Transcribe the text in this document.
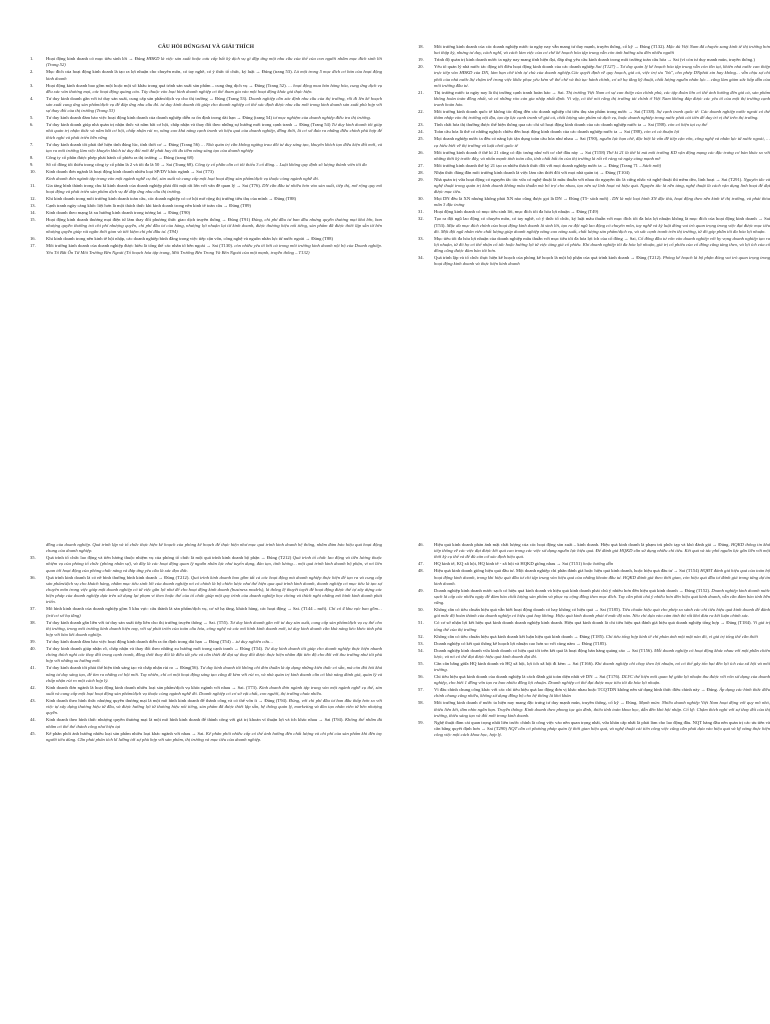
CÂU HỎI ĐÚNG/SAI VÀ GIẢI THÍCH
1.	Hoạt động kinh doanh có mục tiêu sinh lời → Đúng HĐKD là việc sản xuất hoặc cưu cấp bất kỳ dịch vụ gì đặp ứng một nhu cầu của thể của con người nhằm mục đích sinh lời (Trang 52)
2.	Mục đích của hoạt động kinh doanh là tạo ra lợi nhuận cho chuyên môn, có tay nghề, có ý thức tổ chức, kỷ luật → Đúng (trang 53). Là một trong 5 mục đích cơ bản của hoạt động kinh doanh
3.	Hoạt động kinh doanh bao gồm một hoặc một số khâu trong quá trình sản xuất sản phẩm – cung ứng dịch vụ → Đúng (Trang 52). … hoạt động mua bán hàng hóa, cung ứng dịch vụ đều xác văn thương mại, các hoạt động quảng cáo. Tùy thuộc vào loại hình doanh nghiệp có thể tham gia vào một hoạt động khác giá thực hiện.
4.	Tư duy kinh doanh gắn với tư duy sản xuất, cung cấp sản phẩm/dịch vụ cho thị trường → Đúng (Trang 53). Doanh nghiệp cần xác định nhu cầu của thị trường, rồi đi lên kế hoạch sản xuất cung ứng sản phẩm/dịch vụ để đáp ứng nhu cầu đó. tư duy kinh doanh tốt giúp cho doanh nghiệp có thể xác định được nhu cầu mới trong kinh doanh sản xuất phù hợp với sự thay đổi của thị trường (Trang 53)
5.	Tư duy kinh doanh đảm bảo việc hoạt động kinh doanh của doanh nghiệp diễn ra ổn định trong dài hạn → Đúng (trang 54) tư mục nghiệm của doanh nghiệp điều tra thị trường.
6.	Tư duy kinh doanh giúp nhà quản trị nhận thức và nắm bắt cơ hội, chấp nhận và thay đổi theo những sự hướng mới trong cạnh tranh → Đúng (Trang 54) Tư duy kinh doanh tốt giúp nhà quản trị nhận thức và nắm bắt cơ hội, chấp nhận rủi ro, nâng cao khả năng cạnh tranh và hiệu quả của doanh nghiệp, đồng thời, là cơ sở đưa ra những điều chỉnh phù hợp để thích nghi và phát triển bền vững
7.	Tư duy kinh doanh tốt phải thể hiện tính đúng lúc, tính thời cơ → Đúng (Trang 56) … Nhà quản trị cần không ngừng trau dồi tư duy sáng tạo, khuyến khích tạo điều kiện đổi mới, và tạo ra môi trường làm việc khuyến khích tư duy đổi mới để phát huy tối đa tiềm năng sáng tạo của doanh nghiệp
8.	Công ty cổ phần được phép phát hành cổ phiếu ra thị trường → Đúng (trang 68)
9.	Số cổ đông tối thiểu trong công ty cổ phần là 2 và tối đa là 50 → Sai (Trang 68). Công ty cổ phần cần có tối thiểu 3 cổ đông… Luật không quy định số lượng thành viên tối đa
10.	Kinh doanh đơn ngành là hoạt động kinh doanh nhiều loại SP/DV khác ngành → Sai (T73)
Kinh doanh đơn ngành tập trung vào một ngành nghề cụ thể, sản xuất và cung cấp một loại hoạt động sản phẩm/dịch vụ thuộc cùng ngành nghề đó.
11.	Gia tăng hình thành trong chu kì kinh doanh của doanh nghiệp phải đối mặt rất lớn với vấn đề quan lý → Sai (T76). DN cần đầu tư nhiều hơn vào sản xuất, tiếp thị, mở rộng quy mô hoạt động và phát triển sản phẩm dịch vụ để đáp ứng nhu cầu thị trường.
12.	Khi kinh doanh trong môi trường kinh doanh toàn cầu, các doanh nghiệp có cơ hội mở rộng thị trường tiêu thụ của mình → Đúng (T88)
13.	Cạnh tranh ngày càng khốc liệt hơn là một thách thức khi kinh doanh trong nền kinh tế toàn cầu → Đúng (T89)
14.	Kinh doanh theo mạng là xu hướng kinh doanh trong tương lai → Đúng (T90)
15.	Hoạt động kinh doanh thương mại điện tử làm thay đổi phương thức giao dịch truyền thống → Đúng (T91) Đúng, chi phí đầu tư ban đầu nhưng quyền thương mại khá lớn, ban nhượng quyền thường trả chi phí nhượng quyền, chi phí đầu tư của hàng, nhượng lợi nhuận lại từ kinh doanh, được thương hiệu nổi tiếng, sản phẩm đã được thiết lập sẵn từ bên nhượng quyền giúp rút ngắn thời gian và tiết kiệm chi phí đầu tư. (T94)
16.	Khi kinh doanh trong nền kinh tế hội nhập, các doanh nghiệp bình đẳng trong việc tiếp cận vốn, công nghệ và nguồn nhân lực từ nước ngoài → Đúng (T88)
17.	Môi trường kinh doanh của doanh nghiệp được hiểu là tổng thể các nhân tố bên ngoài → Sai (T130). còn nhiều yếu tố bởi cả trong môi trường kinh doanh nội bộ của Doanh nghiệp. Yếu Tố Bắt Ốn Từ Môi Trường Bên Ngoài (Tổ hoạch hóa tập trung, Môi Trường Bên Trong Và Bên Ngoài của một mạnh, truyền thống – T132)
18.	Môi trường kinh doanh của các doanh nghiệp nước ta ngày nay vẫn mang tư duy mạnh, truyền thống, cổ kỹ → Đúng (T132). Mặc dù Việt Nam đã chuyển sang kinh tế thị trường hơn hai thập kỷ, nhưng tư duy, cách nghĩ, và cách làm việc của cơ chế kế hoạch hóa tập trung vẫn còn ảnh hưởng sâu đến nhiều người
19.	Trình độ quản trị kinh doanh nước ta ngày nay mang tính hiện đại, đáp ứng yêu cầu kinh doanh trong môi trường toàn cầu hóa → Sai (vì còn tư duy manh mún, truyền thống.)
20.	Yếu tố quản lý nhà nước tác động tới điều hoạt động kinh doanh của các doanh nghiệp Sai (T127) – Tư duy quản lý kế hoạch hóa tập trung vẫn còn tồn tại, khiến nhà nước can thiệp trực tiếp vào HĐKD của DN, làm hạn chế tính tự chủ của doanh nghiệp.Các quyết định về quy hoạch, giá cả, việc trợ ưu "bù", cho phép DNphải xin hay không… vẫn chịu sự chi phối của nhà nước.Sự chậm trễ trong việc khắc phục yếu kém về thể chế và thủ tục hành chính, cơ sở hạ tầng kỹ thuật, chất lượng nguồn nhân lực… cũng làm giảm sức hấp dẫn của môi trường đầu tư.
21.	Thị trường nước ta ngày nay là thị trường cạnh tranh hoàn hảo → Sai. Thị trường Việt Nam có sự can thiệp của chính phủ, các tập đoàn lớn có thể ảnh hưởng đến giá cả, sản phẩm không hoàn toàn đồng nhất, và có những rào cản gia nhập nhất định. Vì vậy, có thể nói rằng thị trường tài chính ở Việt Nam không đáp được các yêu tố của một thị trường cạnh tranh hoàn hảo.
22.	Môi trường kinh doanh quốc tế không tác động đến các doanh nghiệp chỉ tiêu thụ sản phẩm trong nước → Sai (T138). Sự cạnh tranh quốc tế: Các doanh nghiệp nước ngoài có thể thâm nhập vào thị trường nội địa, tạo áp lực cạnh tranh về giá cả, chất lượng sản phẩm và dịch vụ, buộc doanh nghiệp trong nước phải cải tiến để duy trì vị thế trên thị trường.
23.	Tính chất hóa thị thường được thể hiện thông qua các chỉ số hoạt động kinh doanh của các doanh nghiệp nước ta → Sai (T88). còn có hiện tại cụ thể
24.	Toàn cầu hóa là thế có những nghịch chiều đến hoạt động kinh doanh của các doanh nghiệp nước ta → Sai (T88), còn có cả thuận lợi
25.	Mọi doanh nghiệp nước ta đều có năng lực tận dụng toàn cầu hóa như nhau → Sai (T90), nguồn lực hạn chế, đặc biệt là vấn đề tiếp cận vốn, công nghệ và nhân lực từ nước ngoài, …cạ hiểu biết về thị trường và luật chơi quốc tế
26.	Môi trường kinh doanh ở thế kỉ 21 cũng có đặc trưng như với cơ chế đầu này → Sai (T158) Thế kỉ 21 là thế kỉ mà môi trường KD vận động mạng các đặc trưng cơ bản khác so với những thời kỳ trước đây, và nhấn mạnh tính toàn cầu, tính chất bất ổn của thị trường là rất rõ ràng và ngày càng mạnh mẽ
27.	Môi trường kinh doanh thế kỷ 21 tạo ra nhiều thách thức đối với mọi doanh nghiệp nước ta → Đúng (Trang 71 – Sách mới)
28.	Nhận thức đúng đắn môi trường kinh doanh là việc làm cần thiết đối với mọi nhà quản trị → Đúng (T104)
29.	Nhà quản trị vừa hoạt động có nguyên tắc tác vừa có nghệ thuật là mâu thuẫn với nhau do nguyên tắc là cứng nhắc và nghệ thuật thì mềm dẻo, linh hoạt → Sai (T291). Nguyên tắc và nghệ thuật trong quản trị kinh doanh không mâu thuẫn mà bổ trợ cho nhau, tạo nên sự linh hoạt và hiệu quả. Nguyên tắc là nền tảng, nghệ thuật là cách vận dụng linh hoạt để đạt được mục tiêu.
30.	Mọi DN đều là XN nhưng không phải XN nào cũng được gọi là DN → Đúng (T5- sách mới) . DN là một loại hình XN đặc thù, hoạt động theo nền kinh tế thị trường, và phải thỏa mãn 3 đặc trưng
31.	Hoạt động kinh doanh có mục tiêu sinh lời, mục đích tối đa hóa lợi nhuận → Đúng (T49)
32.	Tạo ra đội ngũ lao động có chuyên môn, có tay nghề, có ý thức tổ chức, kỷ luật mâu thuẫn với mục đích tối đa hóa lợi nhuận không là mục đích của hoạt động kinh doanh → Sai (T53). Mặc dù mục đích chính của hoạt động kinh doanh là sinh lời, tạo ra đội ngũ lao động có chuyên môn, tay nghề và kỷ luật đóng vai trò quan trọng trong việc đạt được mục tiêu đó. Một đội ngũ nhân viên chất lượng giúp doanh nghiệp nâng cao năng suất, chất lượng sản phẩm/dịch vụ, và sức cạnh tranh trên thị trường, từ đó góp phần tối đa hóa lợi nhuận.
33.	Mục tiêu tối đa hóa lợi nhuận của doanh nghiệp mâu thuẫn với mục tiêu tối đa hóa lợi ích của cổ đông → Sai, Cổ đông đầu tư vốn vào doanh nghiệp với hy vọng doanh nghiệp tạo ra lợi nhuận, từ đó họ có thể nhận cổ tức hoặc hưởng lợi từ việc tăng giá cổ phiếu. Khi doanh nghiệp tối đa hóa lợi nhuận, giá trị cổ phiếu của cổ đông cũng tăng theo, và lợi ích của cổ đông cũng được đảm bảo tốt hơn.
34.	Quá trình lập và tổ chức thực hiện kế hoạch của phòng kế hoạch là một bộ phận của quá trình kinh doanh → Đúng (T212). Phòng kế hoạch là bộ phận đóng vai trò quan trọng trong hoạt động kinh doanh và thực hiện kinh doanh
đồng của doanh nghiệp. Quá trình lập và tổ chức thực hiện kế hoạch của phòng kế hoạch để thực hiện như mục quá trình kinh doanh hệ thống, nhằm đảm bảo hiệu quả hoạt động chung của doanh nghiệp.
35.	Quá trình tổ chức lao động và tiến lương thuộc nhiệm vụ của phòng tổ chức là một quá trình kinh doanh bộ phận → Đúng (T212) Quá trình tổ chức lao động và tiền lương thuộc nhiệm vụ của phòng tổ chức (phòng nhân sự), và đây là các hoạt động quan lý nguồn nhân lực như tuyển dụng, đào tạo, tính lương… một quá trình kinh doanh bộ phận, vì nó liên quan tới hoạt động của phòng chức năng và đáp ứng yêu cầu là xác đạo đức.
36.	Quá trình kinh doanh là có nề bình thường bình kinh doanh → Đúng (T212). Quá trình kinh doanh bao gồm tất cả các hoạt động mà doanh nghiệp thực hiện để tạo ra và cung cấp sản phẩm/dịch vụ cho khách hàng, nhằm mục tiêu sinh lời của doanh nghiệp nó có chính là bộ chiến lược như thể hiện qua quá trình kinh doanh, doanh nghiệp có mục tiêu là tạo sự chuyên môn trong việc giúp một doanh nghiệp có từ việc gắn lợi như để cho hoạt động kinh doanh (business models), là thông lệ thuyết tuyết để hoạt động được thể tự xây dựng các biện pháp của doanh nghiệp dựa trên sử dụng lại phạm vi theo hoặc thể của tổ chức giúp một quy trình của doanh nghiệp học chóng và thích nghi những mô hình kinh doanh phát triển.
37.	Mô hình kinh doanh của doanh nghiệp gồm 5 khu vực: cấu thành là sản phẩm/dịch vụ, cơ sở hạ tầng, khách hàng, các hoạt động → Sai. (T144 – mới). Chỉ có 4 khu vực bao gồm… (trừ cơ sở hạ tầng)
38.	Tư duy kinh doanh gắn liền với tư duy sản xuất tiếp liên cho thị trường truyền thông → Sai. (T55). Tư duy kinh doanh gắn với tư duy sản xuất, cung cấp sản phẩm/dịch vụ cụ thể cho thị trường, trong môi trường kinh doanh hiện nay, với sự phát triển của toàn cầu hóa, công nghệ và các mô hình kinh doanh mới, tư duy kinh doanh cần khả năng kéo khéo tính phù hợp với bảo kết doanh nghiệp.
39.	Tư duy kinh doanh đảm bảo việc hoạt động kinh doanh diễn ra ổn định trong dài hạn → Đúng (T54) …tư duy nghiên cứu…
40.	Tư duy kinh doanh giúp nhận rõ, chấp nhận và thay đổi theo những xu hướng mới trong cạnh tranh → Đúng (T54). Tư duy kinh doanh tốt giúp cho doanh nghiệp thực hiện nhanh chóng thích nghi các thay đổi trong cạnh tranh, đồng thời thay đổi là điều tất yếu và cần thiết để đạt sự thay đổi được thực hiện nhằm đặt tiến độ cho đối với thu trường như tốt phù hợp với những xu hướng mới.
41.	Tư duy kinh doanh tốt phải thể hiện tính sáng tạo và chấp nhận rủi ro → Đúng(56). Tư duy kinh doanh tốt không chỉ đơn thuần là áp dụng những kiến thức có sẵn, mà còn đòi hỏi khả năng tư duy sáng tạo, để tìm ra những cơ hội mới. Tuy nhiên, chỉ có một hoạt động sáng tạo cũng đi kèm với rủi ro, và nhà quản trị kinh doanh cần có khả năng đánh giá, quản lý và chấp nhận rủi ro một cách hợp lý.
42.	Kinh doanh đơn ngành là hoạt động kinh doanh nhiều loại sản phẩm/dịch vụ khác ngành với nhau → Sai. (T73). Kinh doanh đơn ngành tập trung vào một ngành nghề cụ thể, sản xuất và cung cấp một loại hoạt động sản phẩm/dịch vụ thuộc cùng ngành nghề đó. Doanh nghiệp có cơ sở vật chất, con người, thị trường chưa nhiều.
43.	Kinh doanh theo hình thức nhượng quyền thương mại là một mô hình kinh doanh để thành công và có thể vốn ít → Đúng (T94). Đúng, với chi phí đầu tư ban đầu thấp hơn so với việc tự xây dựng thương hiệu từ đầu, và được hưởng lợi từ thương hiệu nổi tiếng, sản phẩm đã được thiết lập sẵn, hệ thống quản lý, marketing và đào tạo nhân viên từ bên nhượng quyền.
44.	Kinh doanh theo hình thức nhượng quyền thương mại là một mô hình kinh doanh để thành công với giá trị khoản ví thuận lợi và ích khác nhau → Sai (T94). Không thể nhằm đủ nhằm có thể thể thành công như hiện tại
45.	Kế phân phối ảnh hưởng nhiều loại sản phẩm nhiều loại khác ngành với nhau → Sai. Kế phân phối nhiều cấp có thể ảnh hưởng đến chất lượng và chi phí của sản phẩm khi đến tay người tiêu dùng. Cần phải phân tích kĩ lưỡng tới sự phù hợp với sản phẩm, thị trường và mục tiêu của doanh nghiệp.
46.	Hiệu quả kinh doanh phản ánh mặt chất lượng của các hoạt động sản xuất – kinh doanh. Hiệu quả kinh doanh là phạm trù phức tạp và khó đánh giá → Đúng. HQKD thông tin khá tiếp thông về các việc đạt được kết quả cao trong các việc sử dụng nguồn lực hiệu quả. Để đánh giá HQKD cần sử dụng nhiều chỉ tiêu. Kết quả và tác phổ nguồn lực gắn liền với một thời kỳ cụ thể và để đủ căn cứ xác định hiệu quả.
47.	HQ kinh tế, KQ xã hội, HQ kinh tế - xã hội và HQKD giống nhau → Sai (T151) hoặc hướng dẫn
48.	Hiệu quả kinh doanh giống hiệu quả đầu tư. Một doanh nghiệp chỉ phân đánh giá hoặc hiệu quả kinh doanh, hoặc hiệu quả đầu tư → Sai (T154) HQĐT đánh giá hiệu quả của toàn bộ hoạt động kinh doanh, trong khi hiệu quả đầu tư chỉ tập trung vào hiệu quả của những khoản đầu tư. HQKD đánh giá theo thời gian, còn hiệu quả đầu tư đánh giá trong từng dự án kinh doanh.
49.	Doanh nghiệp kinh doanh nước sạch có hiệu quả kinh doanh và hiệu quả kinh doanh phải chú ý nhiều hơn đến hiệu quả kinh doanh → Đúng (T152). Doanh nghiệp kinh doanh nước sạch là cấp các nhiều ngày để đảm bảo chất lượng sản phẩm và phục vụ cộng đồng theo mục đích. Tuy cần phải chú ý nhiều hơn đến hiệu quả kinh doanh, vẫn cần đảm bảo tính bền vững.
50.	Không cần có tiêu chuẩn hiệu quả vẫn biết hoạt động doanh có hay không có hiệu quả → Sai (T185). Tiêu chuẩn hiệu quả cho phép so sánh các chỉ tiêu hiệu quả kinh doanh để đánh giá mức độ hoàn thành của doanh nghiệp có hiệu quả hay không. Hiệu quả kinh doanh phải ở mức độ nào. Nếu chỉ dựa vào cảm tính thì rất khó đưa ra kết luận chính xác.
51.	Có cơ sở nhận lợi kết hiệu quả kinh doanh doanh nghiệp kinh doanh. Hiệu quả kinh doanh là chi tiêu hiệu quả đánh giá hiệu quả doanh nghiệp tổng hợp → Đúng (T184). Vì giá trị tổng thể của thị trường
52.	Không cần có tiêu chuẩn hiệu quả kinh doanh kết luận hiệu quả kinh doanh → Đúng (T185). Chỉ tiêu tổng hợp kinh tế chỉ phản ánh một mặt nào đó, vì giá trị tổng thể cần thiết
53.	Doanh nghiệp có kết quả thông kế hoạch lợi nhuận cao hơn so với cùng năm → Đúng (T185).
54.	Doanh nghiệp kinh doanh vừa kinh doanh có hiệu quả tốt trên kết quả là hoạt động bán hàng quảng cáo → Sai (T156). Mỗi doanh nghiệp có hoạt động khác nhau với một phần chiến lược, và nó có thể đạt được hiệu quả kinh doanh đạt đó.
55.	Cần cân bằng giữa HQ kinh doanh và HQ xã hội, lợi ích xã hội đi kèm → Sai (T166). Khi doanh nghiệp chỉ chạy theo lợi nhuận, nó có thể gây tổn hại đến lợi ích của xã hội và môi trường.
56.	Chỉ tiêu hiệu quả kinh doanh của doanh nghiệp là cách đánh giá toàn diện nhất về DN → Sai (T176). DLVC thể hiện mối quan hệ giữa lợi nhuận thu được với vốn sử dụng của doanh nghiệp, cho biết 1 đồng vốn tạo ra bao nhiêu đồng lợi nhuận. Doanh nghiệp có thể đạt được mục tiêu tối đa hóa lợi nhuận.
57.	Vì đầu chính chung công khác với các chỉ tiêu hiệu quả lao động đơn vị khác nhau hoặc TCQTDN không nên sử dụng hình thức điều chỉnh này → Đúng. Áp dụng các hình thức điều chỉnh chung cũng nhiều, không sử dụng đồng bộ cho hệ thống là khó khăn
58.	Môi trường kinh doanh ở nước ta hiện nay mang đặc trưng tư duy mạnh mún, truyền thống, cổ kỹ → Đúng. Mạnh mún: Nhiều doanh nghiệp Việt Nam hoạt động với quy mô nhỏ, thiếu liên kết, tầm nhìn ngắn hạn. Truyền thống: Kinh doanh theo phong tục gia đình, thiếu tính toán khoa học, dẫn đến khó hội nhập. Cổ kỹ: Chậm thích nghi với sự thay đổi của thị trường, thiếu sáng tạo và đổi mới trong kinh doanh.
59.	Nghệ thuật đàm cải quan trọng nhất liên trước chính là công việc vào nền quan trọng nhất, vừa khăn cấp nhất là phải làm cho lao động đầu. NQT hàng đầu nên quản trị các ưu tiên và cân bằng quyết định hơn → Sai (T290) NQT cần có phương pháp quản lý thời gian hiệu quả, và nghệ thuật cải tiến công việc cũng cần phải dựa vào hiệu quả và kỹ năng thực hiện công việc một cách khoa học, hợp lý.
